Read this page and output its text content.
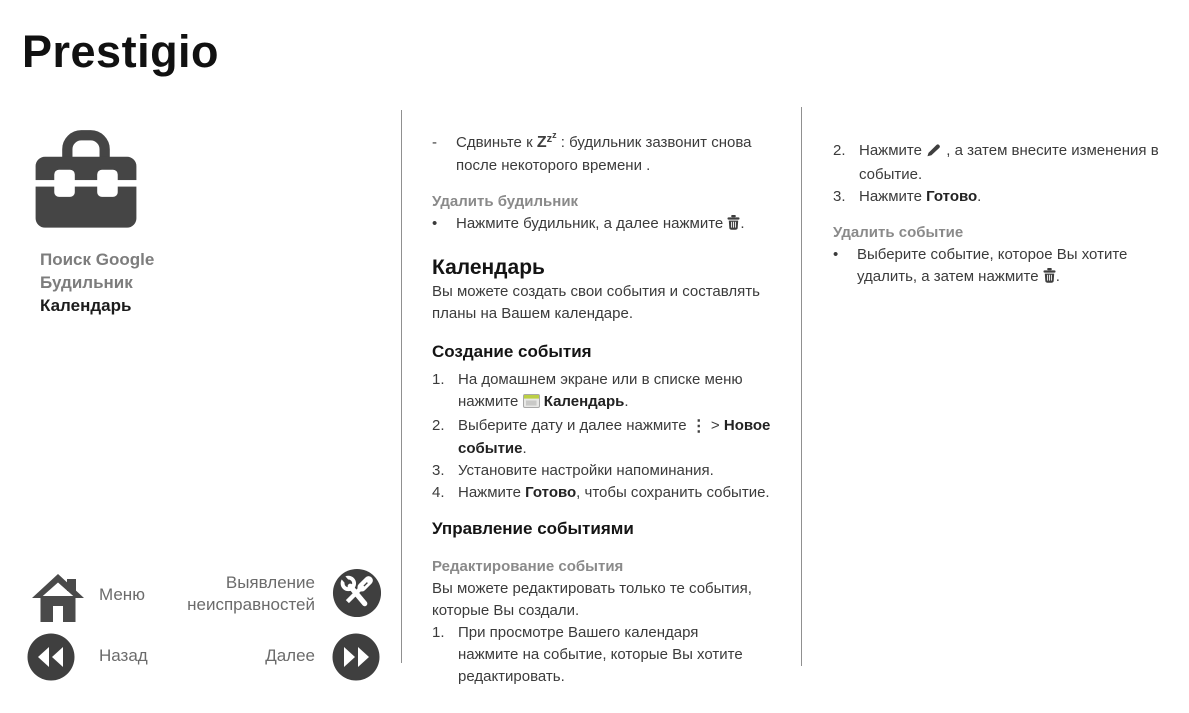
Prestigio
Поиск Google
Будильник
Календарь
-	Сдвиньте к $Z^{zz}$ : будильник зазвонит снова после некоторого времени .
Удалить будильник
•	Нажмите будильник, а далее нажмите .
Календарь

Вы можете создать свои события и составлять планы на Вашем календаре.

Создание события
1. На домашнем экране или в списке меню
нажмите  Календарь.
2. Выберите дату и далее нажмите ⋮ > Новое событие.
3. Установите настройки напоминания.
4. Нажмите Готово, чтобы сохранить событие.
Управление событиями
Редактирование события

Вы можете редактировать только те события, которые Вы создали.

1. При просмотре Вашего календаря
нажмите на событие, которые Вы хотите
редактировать.
2. Нажмите  , а затем внесите изменения в
событие.
3. Нажмите Готово.
Удалить событие
•	Выберите событие, которое Вы хотите
удалить, а затем нажмите .
Меню
Выявление
неисправностей
Назад	Далее
